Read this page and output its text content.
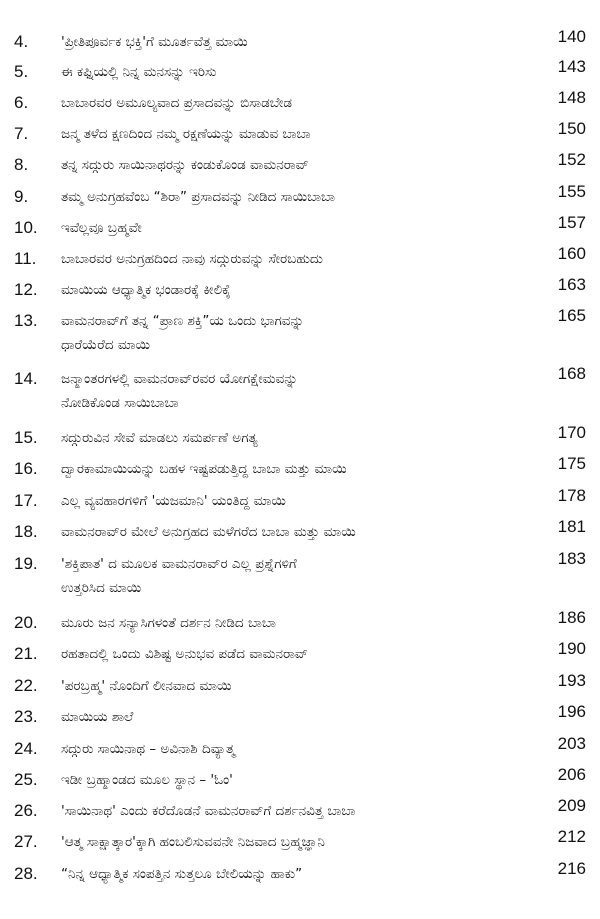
4. 'ಪ್ರೀತಿಪೂರ್ವಕ ಭಕ್ತಿ'ಗೆ ಮೂರ್ತವೆತ್ತ ಮಾಯಿ	140
5. ಈ ಕಫ್ನಿಯಲ್ಲಿ ನಿನ್ನ ಮನಸನ್ನು ಇರಿಸು	143
6. ಬಾಬಾರವರ ಅಮೂಲ್ಯವಾದ ಪ್ರಸಾದವನ್ನು ಬಿಸಾಡಬೇಡ	148
7. ಜನ್ಮ ತಳೆದ ಕ್ಷಣದಿಂದ ನಮ್ಮ ರಕ್ಷಣೆಯನ್ನು ಮಾಡುವ ಬಾಬಾ	150
8. ತನ್ನ ಸದ್ಗುರು ಸಾಯಿನಾಥರನ್ನು ಕಂಡುಕೊಂಡ ವಾಮನರಾವ್	152
9. ತಮ್ಮ ಅನುಗ್ರಹವೆಂಬ “ಶಿರಾ” ಪ್ರಸಾದವನ್ನು ನೀಡಿದ ಸಾಯಿಬಾಬಾ	155
10. ಇವೆಲ್ಲವೂ ಬ್ರಹ್ಮವೇ	157
11. ಬಾಬಾರವರ ಅನುಗ್ರಹದಿಂದ ನಾವು ಸದ್ಗುರುವನ್ನು ಸೇರಬಹುದು	160
12. ಮಾಯಿಯ ಆಧ್ಯಾತ್ಮಿಕ ಭಂಡಾರಕ್ಕೆ ಕೀಲಿಕೈ	163
13. ವಾಮನರಾವ್‌ಗೆ ತನ್ನ “ಪ್ರಾಣ ಶಕ್ತಿ”ಯ ಒಂದು ಭಾಗವನ್ನು
ಧಾರೆಯೆರೆದ ಮಾಯಿ
165
14. ಜನ್ಮಾಂತರಗಳಲ್ಲಿ ವಾಮನರಾವ್‌ರವರ ಯೋಗಕ್ಷೇಮವನ್ನು
ನೋಡಿಕೊಂಡ ಸಾಯಿಬಾಬಾ
168
15. ಸದ್ಗುರುವಿನ ಸೇವೆ ಮಾಡಲು ಸಮರ್ಪಣೆ ಅಗತ್ಯ	170
16. ದ್ವಾರಕಾಮಾಯಿಯನ್ನು ಬಹಳ ಇಷ್ಟಪಡುತ್ತಿದ್ದ ಬಾಬಾ ಮತ್ತು ಮಾಯಿ	175
17. ಎಲ್ಲ ವ್ಯವಹಾರಗಳಿಗೆ 'ಯಜಮಾನಿ' ಯಂತಿದ್ದ ಮಾಯಿ	178
18. ವಾಮನರಾವ್‌ರ ಮೇಲೆ ಅನುಗ್ರಹದ ಮಳೆಗರೆದ ಬಾಬಾ ಮತ್ತು ಮಾಯಿ	181
19. 'ಶಕ್ತಿಪಾತ' ದ ಮೂಲಕ ವಾಮನರಾವ್‌ರ ಎಲ್ಲ ಪ್ರಶ್ನೆಗಳಿಗೆ
ಉತ್ತರಿಸಿದ ಮಾಯಿ
183
20. ಮೂರು ಜನ ಸನ್ಯಾಸಿಗಳಂತೆ ದರ್ಶನ ನೀಡಿದ ಬಾಬಾ	186
21. ರಹತಾದಲ್ಲಿ ಒಂದು ವಿಶಿಷ್ಟ ಅನುಭವ ಪಡೆದ ವಾಮನರಾವ್	190
22. 'ಪರಬ್ರಹ್ಮ' ನೊಂದಿಗೆ ಲೀನವಾದ ಮಾಯಿ	193
23. ಮಾಯಿಯ ಶಾಲೆ	196
24. ಸದ್ಗುರು ಸಾಯಿನಾಥ – ಅವಿನಾಶಿ ದಿವ್ಯಾತ್ಮ	203
25. ಇಡೀ ಬ್ರಹ್ಮಾಂಡದ ಮೂಲ ಸ್ಥಾನ – 'ಓಂ'	206
26. 'ಸಾಯಿನಾಥ' ಎಂದು ಕರೆದೊಡನೆ ವಾಮನರಾವ್‌ಗೆ ದರ್ಶನವಿತ್ತ ಬಾಬಾ	209
27. 'ಆತ್ಮ ಸಾಕ್ಷಾತ್ಕಾರ'ಕ್ಕಾಗಿ ಹಂಬಲಿಸುವವನೇ ನಿಜವಾದ ಬ್ರಹ್ಮಜ್ಞಾನಿ	212
28. “ನಿನ್ನ ಆಧ್ಯಾತ್ಮಿಕ ಸಂಪತ್ತಿನ ಸುತ್ತಲೂ ಬೇಲಿಯನ್ನು ಹಾಕು”	216
